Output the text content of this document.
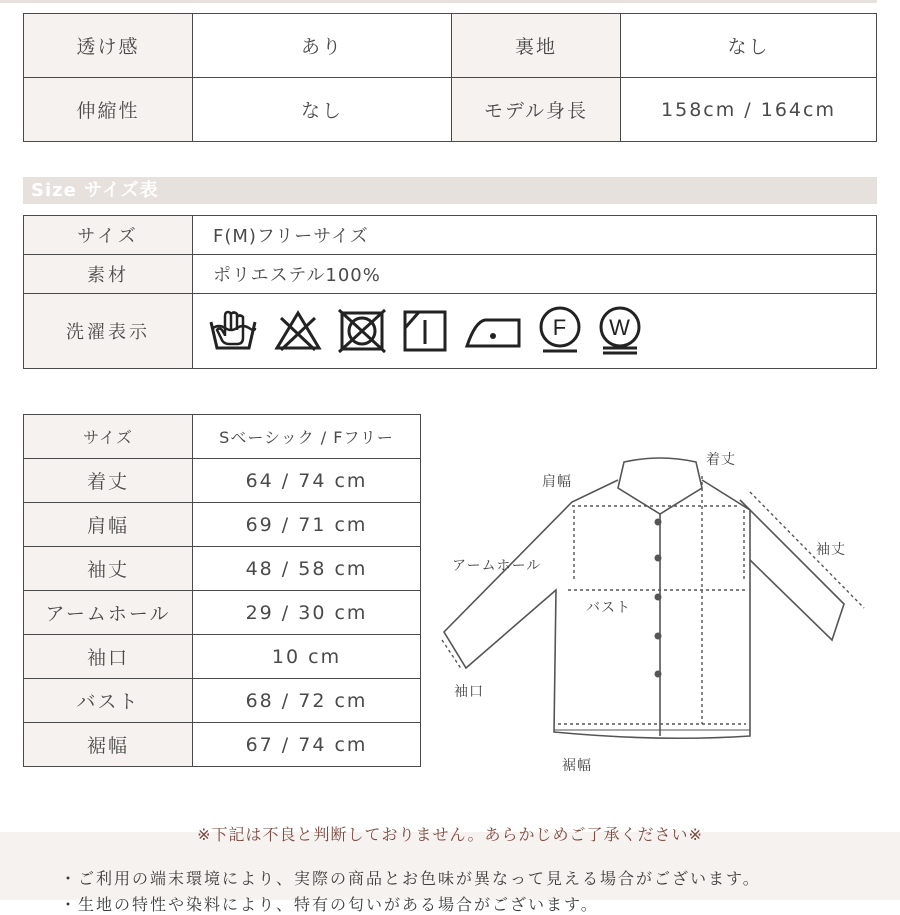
透け感	あり	裏地	なし
伸縮性	なし	モデル身長	158cm / 164cm
Size サイズ表
サイズ	F(M)フリーサイズ
素材	ポリエステル100%
洗濯表示	F W
サイズ	Sベーシック / Fフリー
着丈	64 / 74 cm
肩幅	69 / 71 cm
袖丈	48 / 58 cm
アームホール	29 / 30 cm
袖口	10 cm
バスト	68 / 72 cm
裾幅	67 / 74 cm
着丈
肩幅
袖丈
アームホール
バスト
袖口
裾幅
※下記は不良と判断しておりません。あらかじめご了承ください※
・ご利用の端末環境により、実際の商品とお色味が異なって見える場合がございます。
・生地の特性や染料により、特有の匂いがある場合がございます。
